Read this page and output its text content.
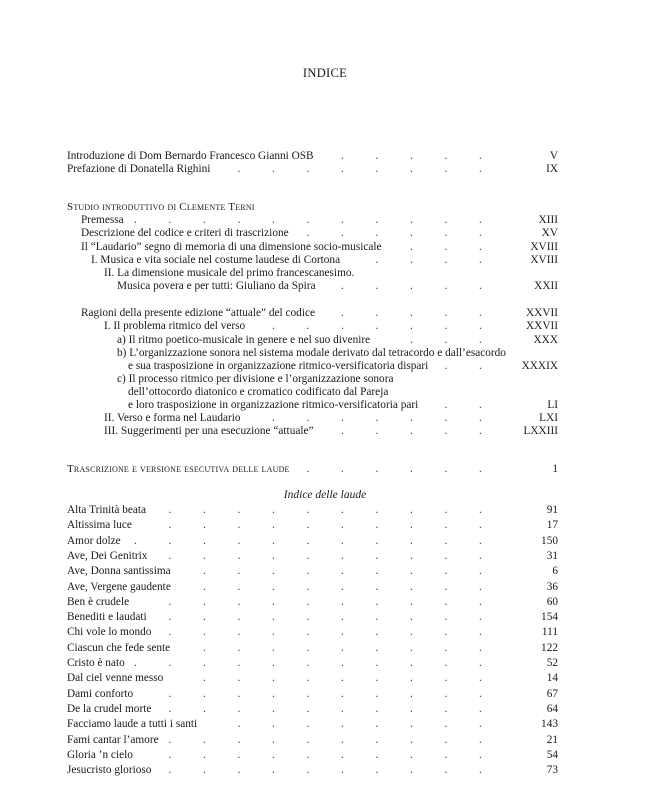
INDICE
Indice delle laude
Introduzione di Dom Bernardo Francesco Gianni OSB	V
.	.	.	.	.
Prefazione di Donatella Righini	IX
.	.	.	.	.	.	.	.
Studio introduttivo di Clemente Terni
Premessa	XIII
.	.	.	.	.	.	.	.	.	.	.
Descrizione del codice e criteri di trascrizione	XV
.	.	.	.	.	.
Il “Laudario” segno di memoria di una dimensione socio-musicale	XVIII
.	.	.
I. Musica e vita sociale nel costume laudese di Cortona	XVIII
.	.	.	.
II. La dimensione musicale del primo francescanesimo.
Musica povera e per tutti: Giuliano da Spira	XXII
.	.	.	.	.
Ragioni della presente edizione “attuale” del codice	XXVII
.	.	.	.	.
I. Il problema ritmico del verso	XXVII
.	.	.	.	.	.	.
a) Il ritmo poetico-musicale in genere e nel suo divenire	XXX
.	.	.
b) L’organizzazione sonora nel sistema modale derivato dal tetracordo e dall’esacordo
e sua trasposizione in organizzazione ritmico-versificatoria dispari	XXXIX
.	.
c) Il processo ritmico per divisione e l’organizzazione sonora
dell’ottocordo diatonico e cromatico codificato dal Pareja
e loro trasposizione in organizzazione ritmico-versificatoria pari	LI
.	.
II. Verso e forma nel Laudario	LXI
.	.	.	.	.	.	.
III. Suggerimenti per una esecuzione “attuale”	LXXIII
.	.	.	.	.
Trascrizione e versione esecutiva delle laude	1
.	.	.	.	.	.
Alta Trinità beata	91
.	.	.	.	.	.	.	.	.	.
Altissima luce	17
.	.	.	.	.	.	.	.	.	.
Amor dolze	150
.	.	.	.	.	.	.	.	.	.	.
Ave, Dei Genitrix	31
.	.	.	.	.	.	.	.	.	.
Ave, Donna santissima	6
.	.	.	.	.	.	.	.	.
Ave, Vergene gaudente	36
.	.	.	.	.	.	.	.	.
Ben è crudele	60
.	.	.	.	.	.	.	.	.	.
Benediti e laudati	154
.	.	.	.	.	.	.	.	.	.
Chi vole lo mondo	111
.	.	.	.	.	.	.	.	.	.
Ciascun che fede sente	122
.	.	.	.	.	.	.	.	.
Cristo è nato	52
.	.	.	.	.	.	.	.	.	.	.
Dal ciel venne messo	14
.	.	.	.	.	.	.	.	.
Dami conforto	67
.	.	.	.	.	.	.	.	.	.
De la crudel morte	64
.	.	.	.	.	.	.	.	.	.
Facciamo laude a tutti i santi	143
.	.	.	.	.	.	.	.
Fami cantar l’amore	21
.	.	.	.	.	.	.	.	.	.
Gloria ’n cielo	54
.	.	.	.	.	.	.	.	.	.
Jesucristo glorioso	73
.	.	.	.	.	.	.	.	.	.
